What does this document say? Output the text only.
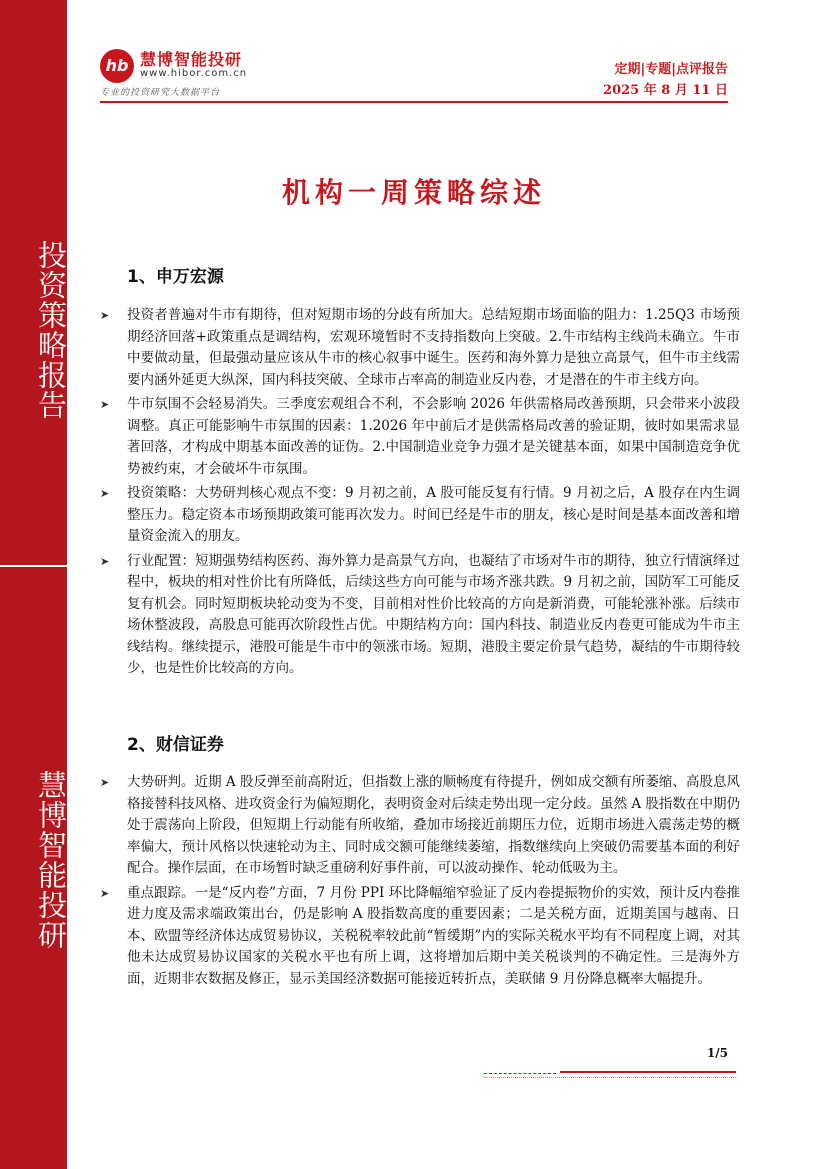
投资策略报告
慧博智能投研
hb 慧博智能投研
www.hibor.com.cn
专业的投资研究大数据平台
定期|专题|点评报告
2025 年 8 月 11 日
机构一周策略综述
1、申万宏源
➤ 投资者普遍对牛市有期待，但对短期市场的分歧有所加大。总结短期市场面临的阻力：1.25Q3 市场预期经济回落+政策重点是调结构，宏观环境暂时不支持指数向上突破。2.牛市结构主线尚未确立。牛市中要做动量，但最强动量应该从牛市的核心叙事中诞生。医药和海外算力是独立高景气，但牛市主线需要内涵外延更大纵深，国内科技突破、全球市占率高的制造业反内卷，才是潜在的牛市主线方向。
➤ 牛市氛围不会轻易消失。三季度宏观组合不利，不会影响 2026 年供需格局改善预期，只会带来小波段调整。真正可能影响牛市氛围的因素：1.2026 年中前后才是供需格局改善的验证期，彼时如果需求显著回落，才构成中期基本面改善的证伪。2.中国制造业竞争力强才是关键基本面，如果中国制造竞争优势被约束，才会破坏牛市氛围。
➤ 投资策略：大势研判核心观点不变：9 月初之前，A 股可能反复有行情。9 月初之后，A 股存在内生调整压力。稳定资本市场预期政策可能再次发力。时间已经是牛市的朋友，核心是时间是基本面改善和增量资金流入的朋友。
➤ 行业配置：短期强势结构医药、海外算力是高景气方向，也凝结了市场对牛市的期待，独立行情演绎过程中，板块的相对性价比有所降低，后续这些方向可能与市场齐涨共跌。9 月初之前，国防军工可能反复有机会。同时短期板块轮动变为不变，目前相对性价比较高的方向是新消费，可能轮涨补涨。后续市场休整波段，高股息可能再次阶段性占优。中期结构方向：国内科技、制造业反内卷更可能成为牛市主线结构。继续提示，港股可能是牛市中的领涨市场。短期，港股主要定价景气趋势，凝结的牛市期待较少，也是性价比较高的方向。
2、财信证券
➤ 大势研判。近期 A 股反弹至前高附近，但指数上涨的顺畅度有待提升，例如成交额有所萎缩、高股息风格接替科技风格、进攻资金行为偏短期化，表明资金对后续走势出现一定分歧。虽然 A 股指数在中期仍处于震荡向上阶段，但短期上行动能有所收缩，叠加市场接近前期压力位，近期市场进入震荡走势的概率偏大，预计风格以快速轮动为主、同时成交额可能继续萎缩，指数继续向上突破仍需要基本面的利好配合。操作层面，在市场暂时缺乏重磅利好事件前，可以波动操作、轮动低吸为主。
➤ 重点跟踪。一是“反内卷”方面，7 月份 PPI 环比降幅缩窄验证了反内卷提振物价的实效，预计反内卷推进力度及需求端政策出台，仍是影响 A 股指数高度的重要因素；二是关税方面，近期美国与越南、日本、欧盟等经济体达成贸易协议，关税税率较此前“暂缓期”内的实际关税水平均有不同程度上调，对其他未达成贸易协议国家的关税水平也有所上调，这将增加后期中美关税谈判的不确定性。三是海外方面，近期非农数据及修正，显示美国经济数据可能接近转折点，美联储 9 月份降息概率大幅提升。
1/5
